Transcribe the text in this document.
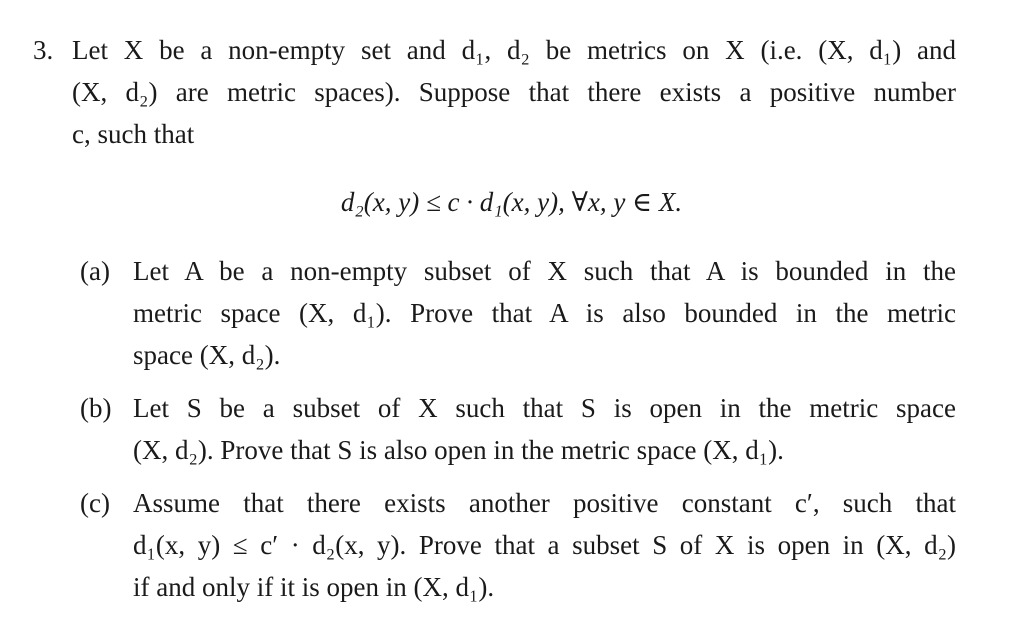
3. Let X be a non-empty set and d₁, d₂ be metrics on X (i.e. (X, d₁) and
(X, d₂) are metric spaces). Suppose that there exists a positive number
c, such that
d₂(x, y) ≤ c · d₁(x, y), ∀x, y ∈ X.
(a) Let A be a non-empty subset of X such that A is bounded in the
metric space (X, d₁). Prove that A is also bounded in the metric
space (X, d₂).
(b) Let S be a subset of X such that S is open in the metric space
(X, d₂). Prove that S is also open in the metric space (X, d₁).
(c) Assume that there exists another positive constant c′, such that
d₁(x, y) ≤ c′ · d₂(x, y). Prove that a subset S of X is open in (X, d₂)
if and only if it is open in (X, d₁).
